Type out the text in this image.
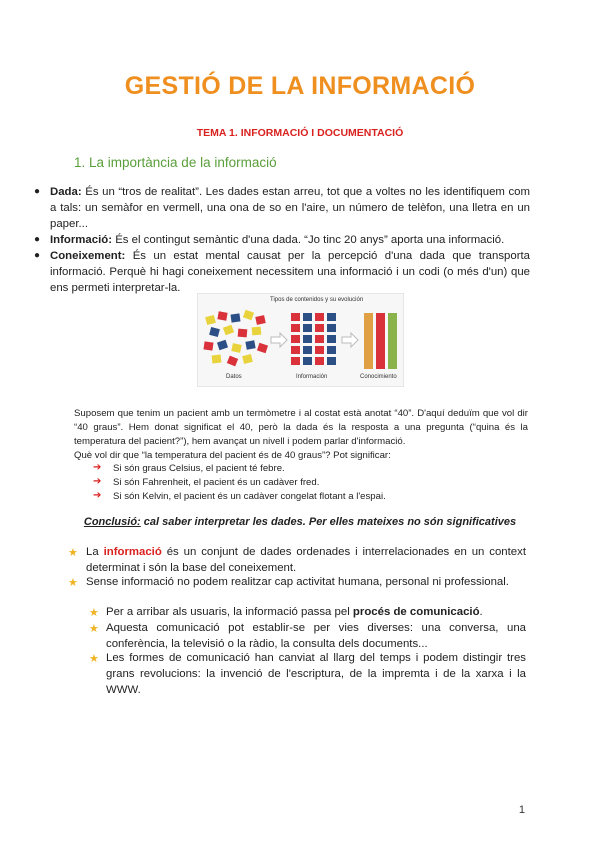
GESTIÓ DE LA INFORMACIÓ
TEMA 1. INFORMACIÓ I DOCUMENTACIÓ
1. La importància de la informació
● Dada: És un “tros de realitat”. Les dades estan arreu, tot que a voltes no les identifiquem com a tals: un semàfor en vermell, una ona de so en l'aire, un número de telèfon, una lletra en un paper...
● Informació: És el contingut semàntic d'una dada. “Jo tinc 20 anys” aporta una informació.
● Coneixement: És un estat mental causat per la percepció d'una dada que transporta informació. Perquè hi hagi coneixement necessitem una informació i un codi (o més d'un) que ens permeti interpretar-la.
Tipos de contenidos y su evolución
Datos	Información	Conocimiento
Suposem que tenim un pacient amb un termòmetre i al costat està anotat “40”. D'aquí deduïm que vol dir “40 graus”. Hem donat significat el 40, però la dada és la resposta a una pregunta (“quina és la temperatura del pacient?”), hem avançat un nivell i podem parlar d'informació.
Què vol dir que “la temperatura del pacient és de 40 graus”? Pot significar:
➔ Si són graus Celsius, el pacient té febre.
➔ Si són Fahrenheit, el pacient és un cadàver fred.
➔ Si són Kelvin, el pacient és un cadàver congelat flotant a l'espai.
Conclusió: cal saber interpretar les dades. Per elles mateixes no són significatives
★ La informació és un conjunt de dades ordenades i interrelacionades en un context determinat i són la base del coneixement.
★ Sense informació no podem realitzar cap activitat humana, personal ni professional.
★ Per a arribar als usuaris, la informació passa pel procés de comunicació.
★ Aquesta comunicació pot establir-se per vies diverses: una conversa, una conferència, la televisió o la ràdio, la consulta dels documents...
★ Les formes de comunicació han canviat al llarg del temps i podem distingir tres grans revolucions: la invenció de l'escriptura, de la impremta i de la xarxa i la WWW.
1
